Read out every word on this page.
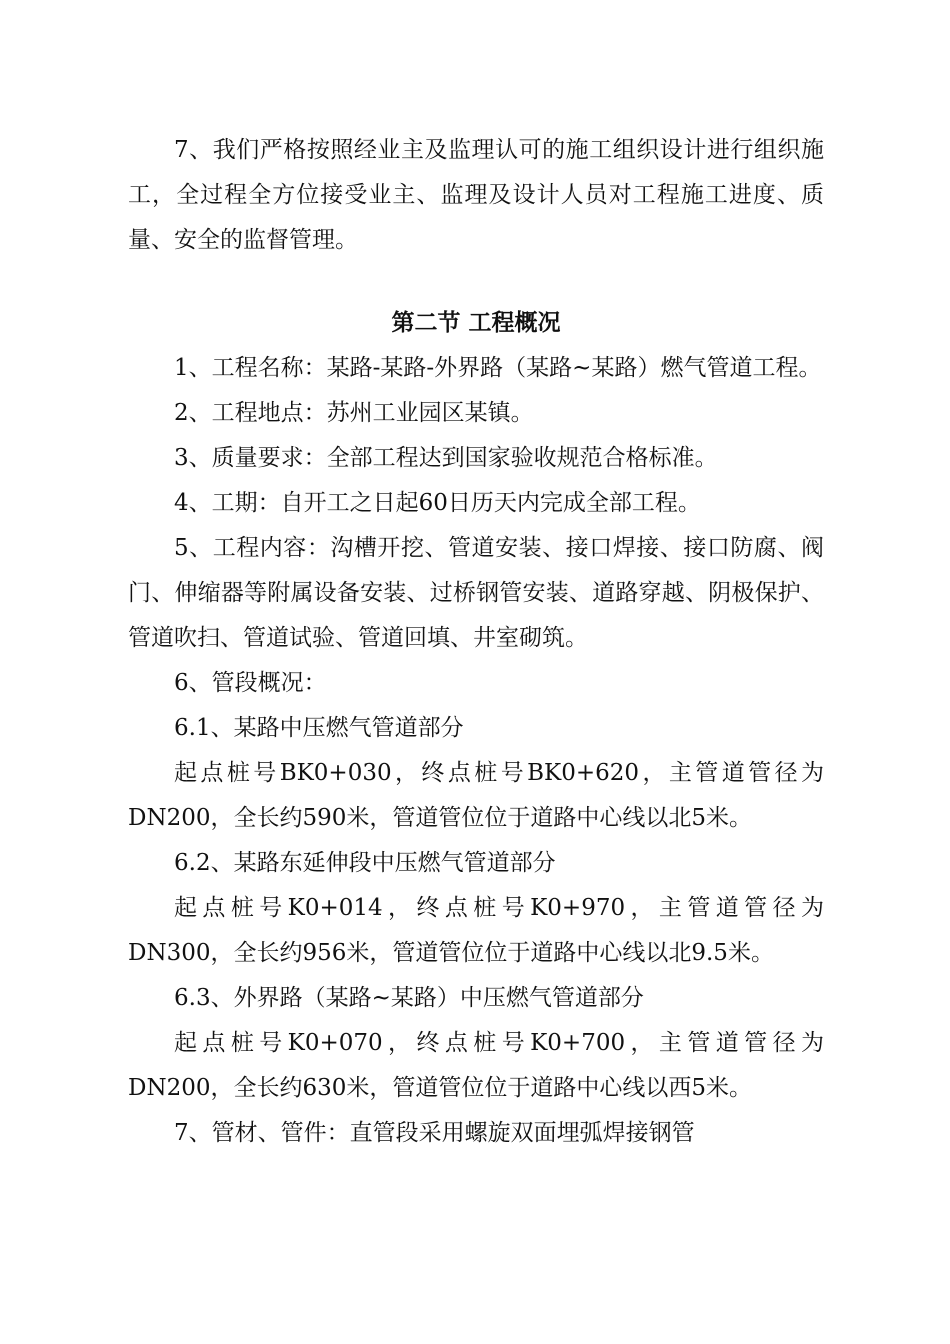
7、我们严格按照经业主及监理认可的施工组织设计进行组织施工，全过程全方位接受业主、监理及设计人员对工程施工进度、质量、安全的监督管理。

第二节 工程概况

1、工程名称：某路-某路-外界路（某路~某路）燃气管道工程。

2、工程地点：苏州工业园区某镇。

3、质量要求：全部工程达到国家验收规范合格标准。

4、工期：自开工之日起60日历天内完成全部工程。

5、工程内容：沟槽开挖、管道安装、接口焊接、接口防腐、阀门、伸缩器等附属设备安装、过桥钢管安装、道路穿越、阴极保护、管道吹扫、管道试验、管道回填、井室砌筑。

6、管段概况：

6.1、某路中压燃气管道部分

起点桩号BK0+030，终点桩号BK0+620，主管道管径为DN200，全长约590米，管道管位位于道路中心线以北5米。

6.2、某路东延伸段中压燃气管道部分

起点桩号K0+014，终点桩号K0+970，主管道管径为DN300，全长约956米，管道管位位于道路中心线以北9.5米。

6.3、外界路（某路~某路）中压燃气管道部分

起点桩号K0+070，终点桩号K0+700，主管道管径为DN200，全长约630米，管道管位位于道路中心线以西5米。

7、管材、管件：直管段采用螺旋双面埋弧焊接钢管
